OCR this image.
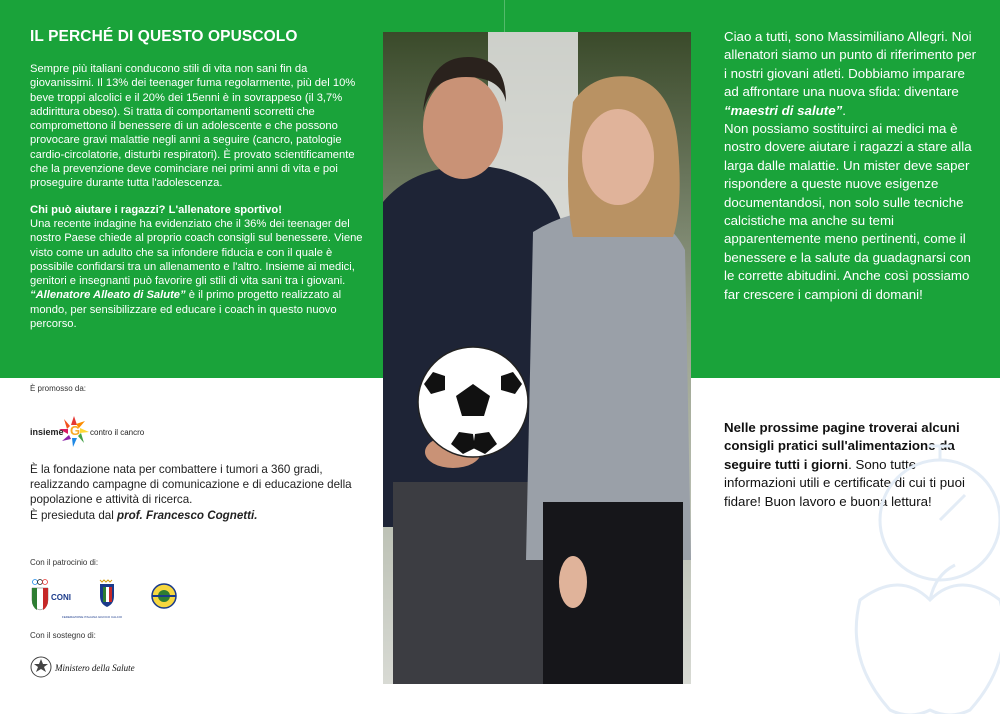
IL PERCHÉ DI QUESTO OPUSCOLO

Sempre più italiani conducono stili di vita non sani fin da giovanissimi. Il 13% dei teenager fuma regolarmente, più del 10% beve troppi alcolici e il 20% dei 15enni è in sovrappeso (il 3,7% addirittura obeso). Si tratta di comportamenti scorretti che compromettono il benessere di un adolescente e che possono provocare gravi malattie negli anni a seguire (cancro, patologie cardio-circolatorie, disturbi respiratori). È provato scientificamente che la prevenzione deve cominciare nei primi anni di vita e poi proseguire durante tutta l'adolescenza.

Chi può aiutare i ragazzi? L'allenatore sportivo!

Una recente indagine ha evidenziato che il 36% dei teenager del nostro Paese chiede al proprio coach consigli sul benessere. Viene visto come un adulto che sa infondere fiducia e con il quale è possibile confidarsi tra un allenamento e l'altro. Insieme ai medici, genitori e insegnanti può favorire gli stili di vita sani tra i giovani.

“Allenatore Alleato di Salute” è il primo progetto realizzato al mondo, per sensibilizzare ed educare i coach in questo nuovo percorso.

È promosso da:
G
insieme	contro il cancro
È la fondazione nata per combattere i tumori a 360 gradi, realizzando campagne di comunicazione e di educazione della popolazione e attività di ricerca.
È presieduta dal prof. Francesco Cognetti.
Con il patrocinio di:
CONI
FEDERAZIONE ITALIANA GIUOCO CALCIO
Con il sostegno di:
Ministero della Salute
Ciao a tutti, sono Massimiliano Allegri. Noi allenatori siamo un punto di riferimento per i nostri giovani atleti. Dobbiamo imparare ad affrontare una nuova sfida: diventare
“maestri di salute”.
Non possiamo sostituirci ai medici ma è nostro dovere aiutare i ragazzi a stare alla larga dalle malattie. Un mister deve saper rispondere a queste nuove esigenze documentandosi, non solo sulle tecniche calcistiche ma anche su temi apparentemente meno pertinenti, come il benessere e la salute da guadagnarsi con le corrette abitudini. Anche così possiamo far crescere i campioni di domani!
Nelle prossime pagine troverai alcuni consigli pratici sull'alimentazione da seguire tutti i giorni. Sono tutte informazioni utili e certificate di cui ti puoi fidare! Buon lavoro e buona lettura!
